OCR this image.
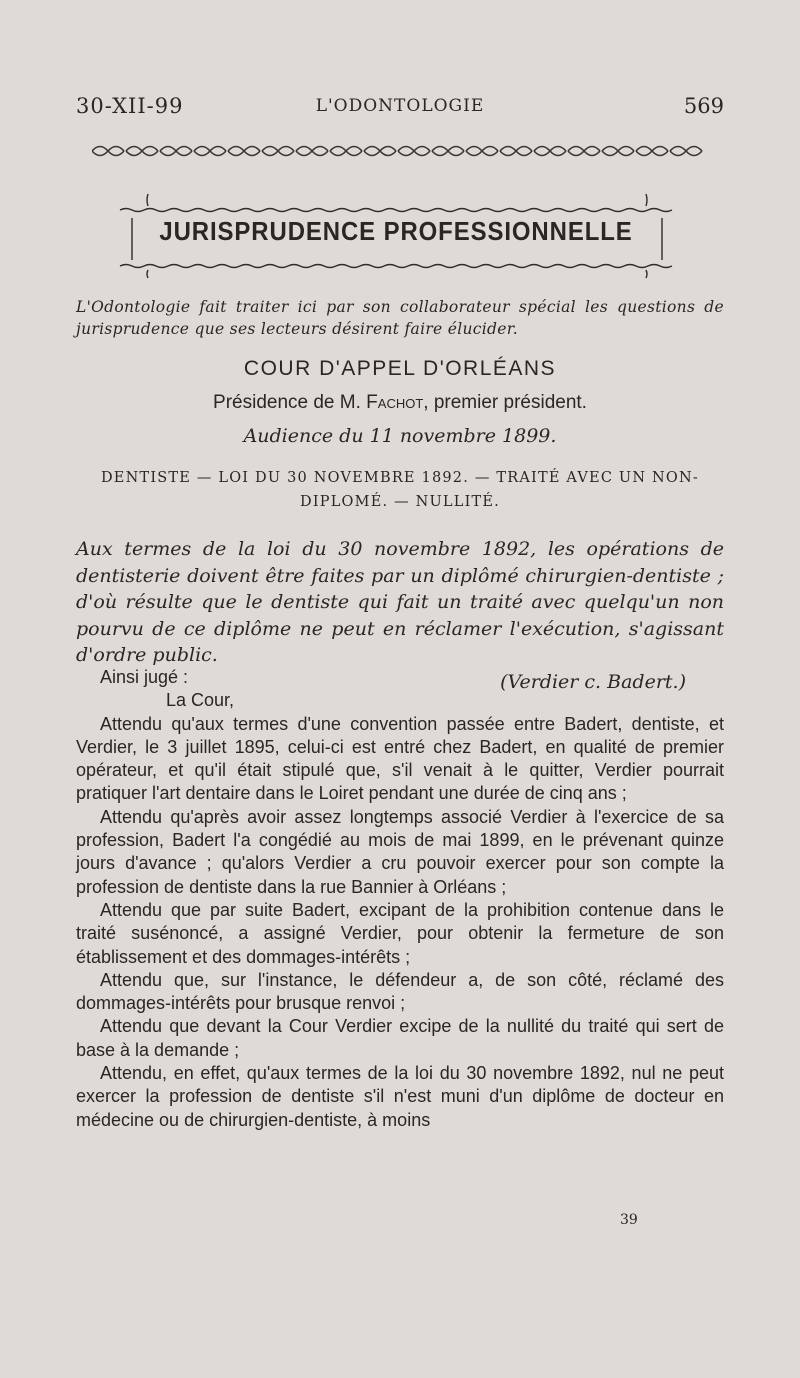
30-XII-99	L'ODONTOLOGIE	569
JURISPRUDENCE PROFESSIONNELLE
L'Odontologie fait traiter ici par son collaborateur spécial les questions de jurisprudence que ses lecteurs désirent faire élucider.
COUR D'APPEL D'ORLÉANS
Présidence de M. Fachot, premier président.
Audience du 11 novembre 1899.
DENTISTE — LOI DU 30 NOVEMBRE 1892. — TRAITÉ AVEC UN NON-
DIPLOMÉ. — NULLITÉ.
Aux termes de la loi du 30 novembre 1892, les opérations de dentisterie doivent être faites par un diplômé chirurgien-dentiste ; d'où résulte que le dentiste qui fait un traité avec quelqu'un non pourvu de ce diplôme ne peut en réclamer l'exécution, s'agissant d'ordre public.
(Verdier c. Badert.)

Ainsi jugé :

La Cour,

Attendu qu'aux termes d'une convention passée entre Badert, dentiste, et Verdier, le 3 juillet 1895, celui-ci est entré chez Badert, en qualité de premier opérateur, et qu'il était stipulé que, s'il venait à le quitter, Verdier pourrait pratiquer l'art dentaire dans le Loiret pendant une durée de cinq ans ;

Attendu qu'après avoir assez longtemps associé Verdier à l'exercice de sa profession, Badert l'a congédié au mois de mai 1899, en le prévenant quinze jours d'avance ; qu'alors Verdier a cru pouvoir exercer pour son compte la profession de dentiste dans la rue Bannier à Orléans ;

Attendu que par suite Badert, excipant de la prohibition contenue dans le traité susénoncé, a assigné Verdier, pour obtenir la fermeture de son établissement et des dommages-intérêts ;

Attendu que, sur l'instance, le défendeur a, de son côté, réclamé des dommages-intérêts pour brusque renvoi ;

Attendu que devant la Cour Verdier excipe de la nullité du traité qui sert de base à la demande ;

Attendu, en effet, qu'aux termes de la loi du 30 novembre 1892, nul ne peut exercer la profession de dentiste s'il n'est muni d'un diplôme de docteur en médecine ou de chirurgien-dentiste, à moins

39
